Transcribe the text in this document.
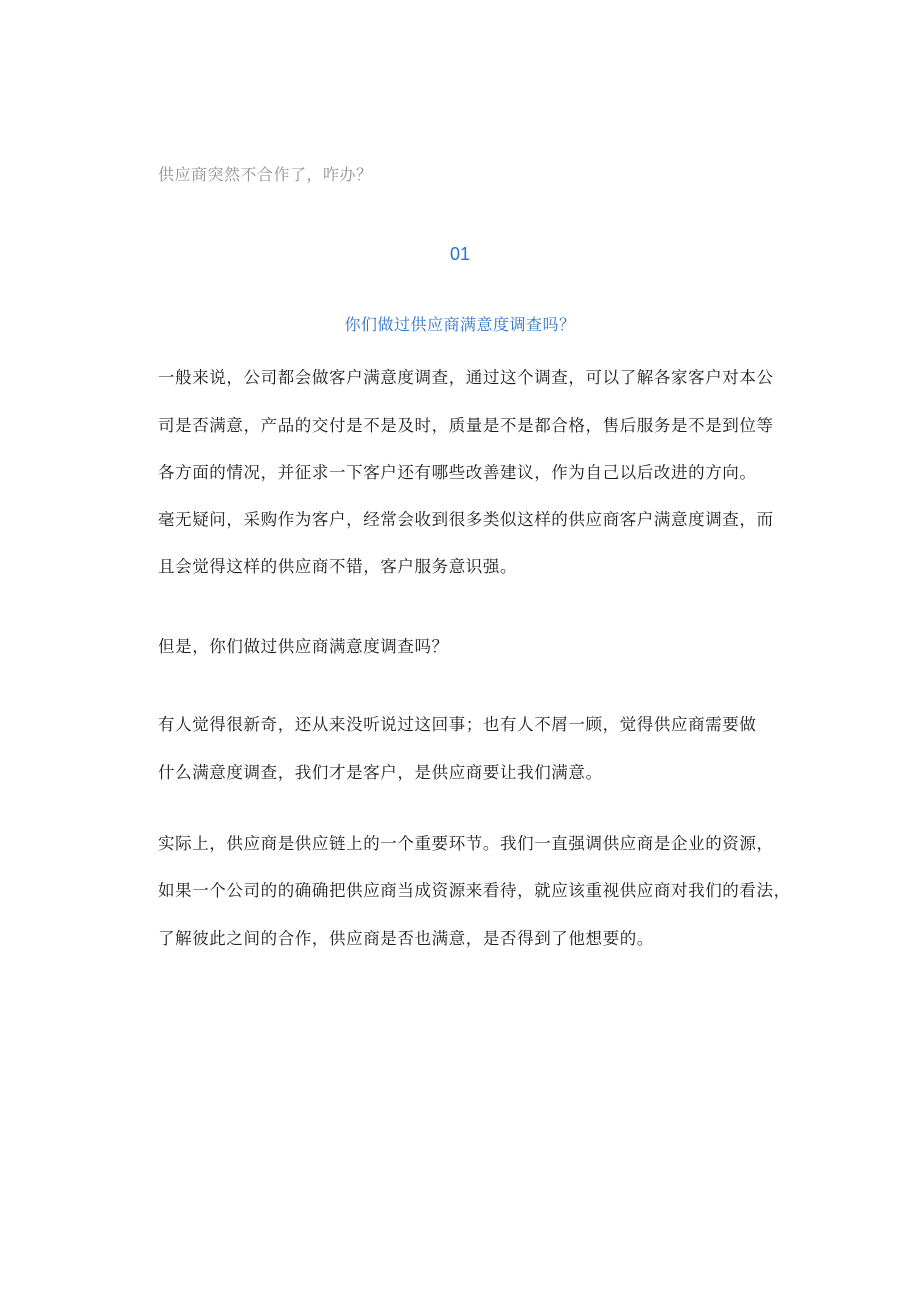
供应商突然不合作了，咋办？
01
你们做过供应商满意度调查吗？
一般来说，公司都会做客户满意度调查，通过这个调查，可以了解各家客户对本公
司是否满意，产品的交付是不是及时，质量是不是都合格，售后服务是不是到位等
各方面的情况，并征求一下客户还有哪些改善建议，作为自己以后改进的方向。
毫无疑问，采购作为客户，经常会收到很多类似这样的供应商客户满意度调查，而
且会觉得这样的供应商不错，客户服务意识强。
但是，你们做过供应商满意度调查吗？
有人觉得很新奇，还从来没听说过这回事；也有人不屑一顾，觉得供应商需要做
什么满意度调查，我们才是客户，是供应商要让我们满意。
实际上，供应商是供应链上的一个重要环节。我们一直强调供应商是企业的资源，
如果一个公司的的确确把供应商当成资源来看待，就应该重视供应商对我们的看法，
了解彼此之间的合作，供应商是否也满意，是否得到了他想要的。
